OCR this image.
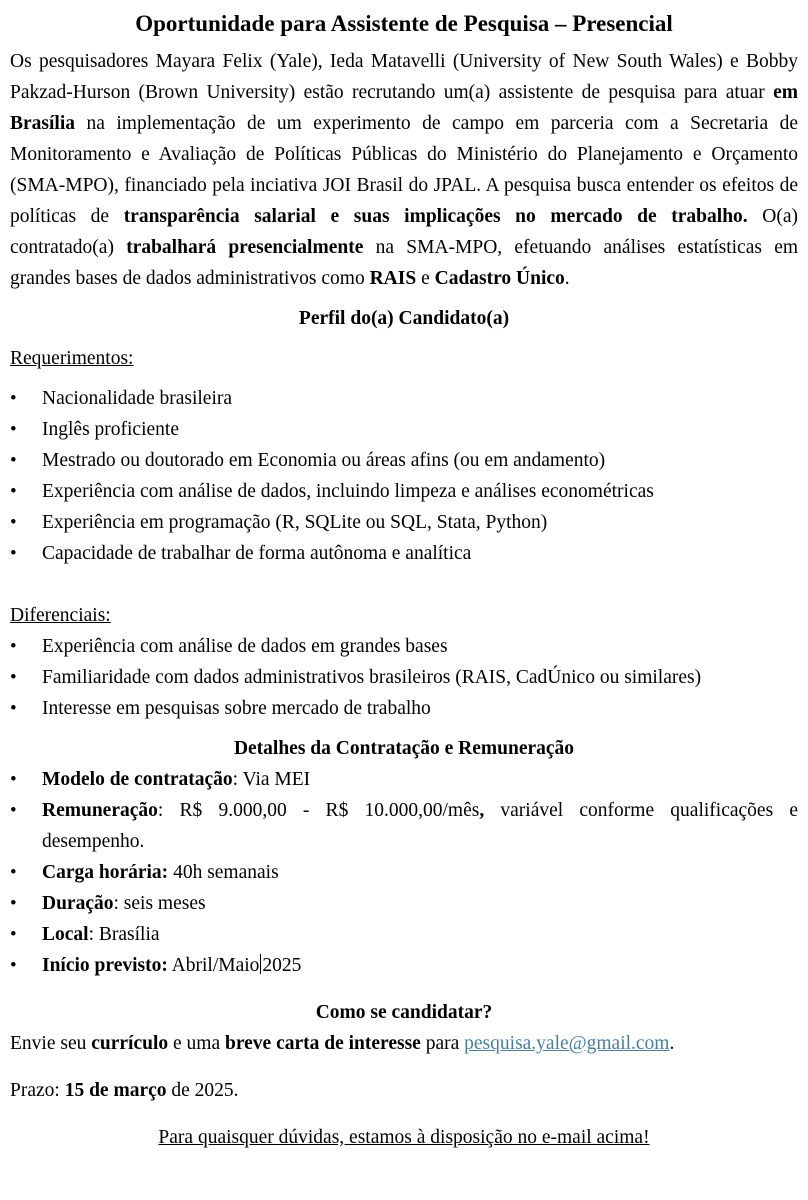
Oportunidade para Assistente de Pesquisa – Presencial

Os pesquisadores Mayara Felix (Yale), Ieda Matavelli (University of New South Wales) e Bobby Pakzad-Hurson (Brown University) estão recrutando um(a) assistente de pesquisa para atuar em Brasília na implementação de um experimento de campo em parceria com a Secretaria de Monitoramento e Avaliação de Políticas Públicas do Ministério do Planejamento e Orçamento (SMA-MPO), financiado pela inciativa JOI Brasil do JPAL. A pesquisa busca entender os efeitos de políticas de transparência salarial e suas implicações no mercado de trabalho. O(a) contratado(a) trabalhará presencialmente na SMA-MPO, efetuando análises estatísticas em grandes bases de dados administrativos como RAIS e Cadastro Único.

Perfil do(a) Candidato(a)

Requerimentos:

• Nacionalidade brasileira
• Inglês proficiente
• Mestrado ou doutorado em Economia ou áreas afins (ou em andamento)
• Experiência com análise de dados, incluindo limpeza e análises econométricas
• Experiência em programação (R, SQLite ou SQL, Stata, Python)
• Capacidade de trabalhar de forma autônoma e analítica

Diferenciais:

• Experiência com análise de dados em grandes bases
• Familiaridade com dados administrativos brasileiros (RAIS, CadÚnico ou similares)
• Interesse em pesquisas sobre mercado de trabalho

Detalhes da Contratação e Remuneração

• Modelo de contratação: Via MEI
• Remuneração: R$ 9.000,00 - R$ 10.000,00/mês, variável conforme qualificações e desempenho.
• Carga horária: 40h semanais
• Duração: seis meses
• Local: Brasília
• Início previsto: Abril/Maio 2025

Como se candidatar?

Envie seu currículo e uma breve carta de interesse para pesquisa.yale@gmail.com.

Prazo: 15 de março de 2025.

Para quaisquer dúvidas, estamos à disposição no e-mail acima!
